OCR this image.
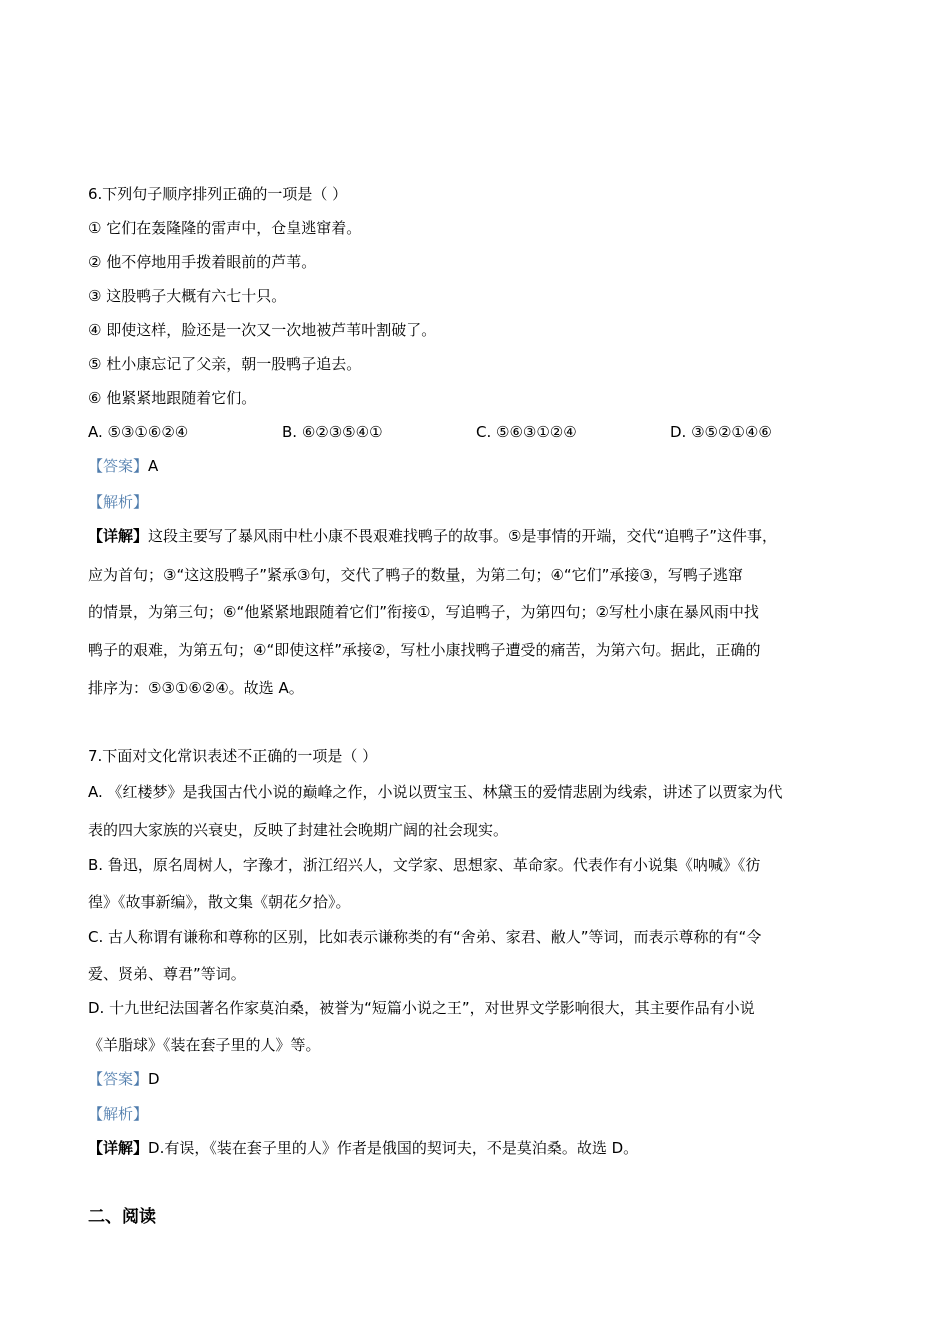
6.下列句子顺序排列正确的一项是（ ）
① 它们在轰隆隆的雷声中，仓皇逃窜着。
② 他不停地用手拨着眼前的芦苇。
③ 这股鸭子大概有六七十只。
④ 即使这样，脸还是一次又一次地被芦苇叶割破了。
⑤ 杜小康忘记了父亲，朝一股鸭子追去。
⑥ 他紧紧地跟随着它们。
A. ⑤③①⑥②④	B. ⑥②③⑤④①	C. ⑤⑥③①②④	D. ③⑤②①④⑥
【答案】A
【解析】
【详解】这段主要写了暴风雨中杜小康不畏艰难找鸭子的故事。⑤是事情的开端，交代“追鸭子”这件事，
应为首句；③“这这股鸭子”紧承③句，交代了鸭子的数量，为第二句；④“它们”承接③，写鸭子逃窜
的情景，为第三句；⑥“他紧紧地跟随着它们”衔接①，写追鸭子，为第四句；②写杜小康在暴风雨中找
鸭子的艰难，为第五句；④“即使这样”承接②，写杜小康找鸭子遭受的痛苦，为第六句。据此，正确的
排序为：⑤③①⑥②④。故选 A。
7.下面对文化常识表述不正确的一项是（ ）
A. 《红楼梦》是我国古代小说的巅峰之作，小说以贾宝玉、林黛玉的爱情悲剧为线索，讲述了以贾家为代
表的四大家族的兴衰史，反映了封建社会晚期广阔的社会现实。
B. 鲁迅，原名周树人，字豫才，浙江绍兴人，文学家、思想家、革命家。代表作有小说集《呐喊》《彷
徨》《故事新编》，散文集《朝花夕拾》。
C. 古人称谓有谦称和尊称的区别，比如表示谦称类的有“舍弟、家君、敝人”等词，而表示尊称的有“令
爱、贤弟、尊君”等词。
D. 十九世纪法国著名作家莫泊桑，被誉为“短篇小说之王”，对世界文学影响很大，其主要作品有小说
《羊脂球》《装在套子里的人》等。
【答案】D
【解析】
【详解】D.有误，《装在套子里的人》作者是俄国的契诃夫，不是莫泊桑。故选 D。
二、阅读
